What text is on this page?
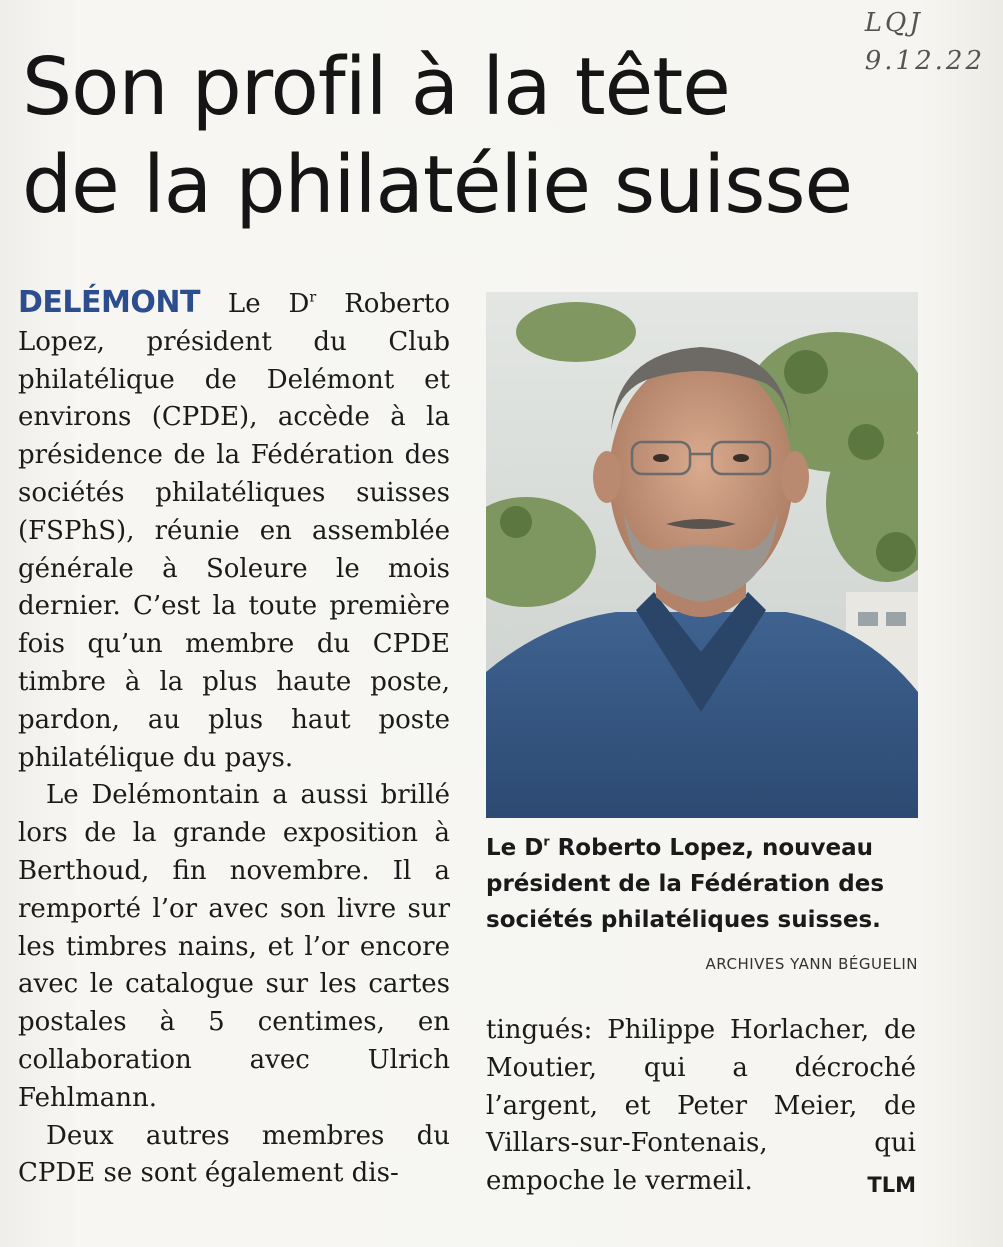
LQJ
9.12.22
Son profil à la tête
de la philatélie suisse

DELÉMONT Le $D^r$ Roberto Lopez, président du Club philatélique de Delémont et environs (CPDE), accède à la présidence de la Fédération des sociétés philatéliques suisses (FSPhS), réunie en assemblée générale à Soleure le mois dernier. C’est la toute première fois qu’un membre du CPDE timbre à la plus haute poste, pardon, au plus haut poste philatélique du pays.

Le Delémontain a aussi brillé lors de la grande exposition à Berthoud, fin novembre. Il a remporté l’or avec son livre sur les timbres nains, et l’or encore avec le catalogue sur les cartes postales à 5 centimes, en collaboration avec Ulrich Fehlmann.

Deux autres membres du CPDE se sont également dis-

Le $D^r$ Roberto Lopez, nouveau président de la Fédération des sociétés philatéliques suisses.
ARCHIVES YANN BÉGUELIN

tingués: Philippe Horlacher, de Moutier, qui a décroché l’argent, et Peter Meier, de Villars-sur-Fontenais, qui empoche le vermeil.	TLM
